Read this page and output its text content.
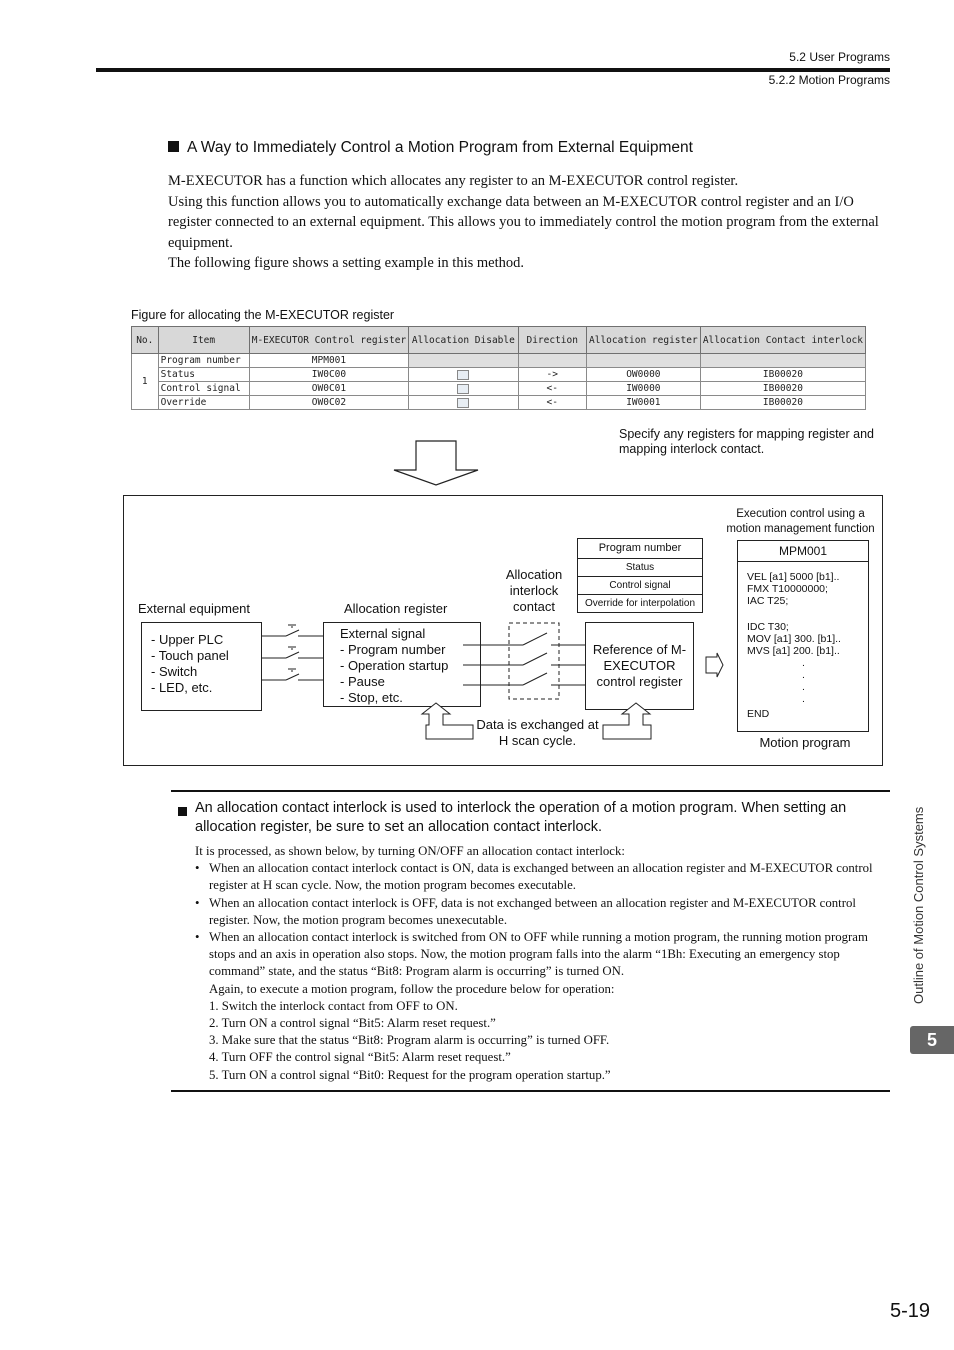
5.2 User Programs
5.2.2 Motion Programs
A Way to Immediately Control a Motion Program from External Equipment

M-EXECUTOR has a function which allocates any register to an M-EXECUTOR control register.

Using this function allows you to automatically exchange data between an M-EXECUTOR control register and an I/O register connected to an external equipment. This allows you to immediately control the motion program from the external equipment.

The following figure shows a setting example in this method.

Figure for allocating the M-EXECUTOR register
No.	Item	M-EXECUTOR Control register	Allocation Disable	Direction	Allocation register	Allocation Contact interlock
1	Program number	MPM001				
	Status	IW0C00		->	OW0000	IB00020
	Control signal	OW0C01		<-	IW0000	IB00020
	Override	OW0C02		<-	IW0001	IB00020
Specify any registers for mapping register and mapping interlock contact.
Execution control using a motion management function
External equipment
- Upper PLC
- Touch panel
- Switch
- LED, etc.
Allocation register
External signal
- Program number
- Operation startup
- Pause
- Stop, etc.
Allocation interlock contact
Program number
Status
Control signal
Override for interpolation
Reference of M-EXECUTOR control register
Data is exchanged at H scan cycle.
MPM001
VEL [a1] 5000 [b1]..
FMX T10000000;
IAC T25;
IDC T30;
MOV [a1] 300. [b1]..
MVS [a1] 200. [b1]..
.
.
.
.
END
Motion program
An allocation contact interlock is used to interlock the operation of a motion program. When setting an allocation register, be sure to set an allocation contact interlock.
It is processed, as shown below, by turning ON/OFF an allocation contact interlock:
• When an allocation contact interlock contact is ON, data is exchanged between an allocation register and M-EXECUTOR control register at H scan cycle. Now, the motion program becomes executable.
• When an allocation contact interlock is OFF, data is not exchanged between an allocation register and M-EXECUTOR control register. Now, the motion program becomes unexecutable.
• When an allocation contact interlock is switched from ON to OFF while running a motion program, the running motion program stops and an axis in operation also stops. Now, the motion program falls into the alarm “1Bh: Executing an emergency stop command” state, and the status “Bit8: Program alarm is occurring” is turned ON.
Again, to execute a motion program, follow the procedure below for operation:
1. Switch the interlock contact from OFF to ON.
2. Turn ON a control signal “Bit5: Alarm reset request.”
3. Make sure that the status “Bit8: Program alarm is occurring” is turned OFF.
4. Turn OFF the control signal “Bit5: Alarm reset request.”
5. Turn ON a control signal “Bit0: Request for the program operation startup.”
Outline of Motion Control Systems
5
5-19
